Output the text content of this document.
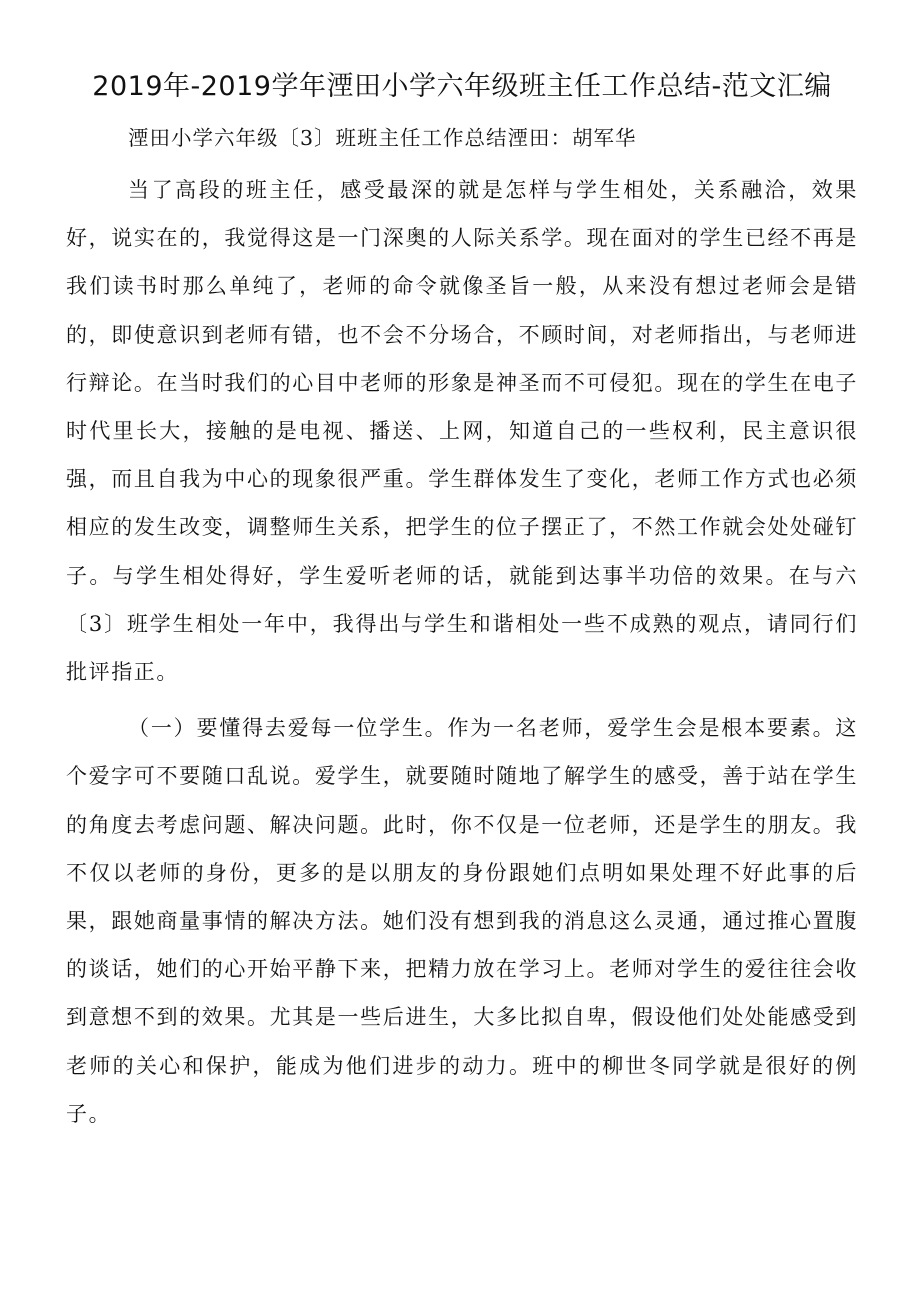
2019年-2019学年湮田小学六年级班主任工作总结-范文汇编

湮田小学六年级〔3〕班班主任工作总结湮田：胡军华

当了高段的班主任，感受最深的就是怎样与学生相处，关系融洽，效果好，说实在的，我觉得这是一门深奥的人际关系学。现在面对的学生已经不再是我们读书时那么单纯了，老师的命令就像圣旨一般，从来没有想过老师会是错的，即使意识到老师有错，也不会不分场合，不顾时间，对老师指出，与老师进行辩论。在当时我们的心目中老师的形象是神圣而不可侵犯。现在的学生在电子时代里长大，接触的是电视、播送、上网，知道自己的一些权利，民主意识很强，而且自我为中心的现象很严重。学生群体发生了变化，老师工作方式也必须相应的发生改变，调整师生关系，把学生的位子摆正了，不然工作就会处处碰钉子。与学生相处得好，学生爱听老师的话，就能到达事半功倍的效果。在与六〔3〕班学生相处一年中，我得出与学生和谐相处一些不成熟的观点，请同行们批评指正。

（一）要懂得去爱每一位学生。作为一名老师，爱学生会是根本要素。这个爱字可不要随口乱说。爱学生，就要随时随地了解学生的感受，善于站在学生的角度去考虑问题、解决问题。此时，你不仅是一位老师，还是学生的朋友。我不仅以老师的身份，更多的是以朋友的身份跟她们点明如果处理不好此事的后果，跟她商量事情的解决方法。她们没有想到我的消息这么灵通，通过推心置腹的谈话，她们的心开始平静下来，把精力放在学习上。老师对学生的爱往往会收到意想不到的效果。尤其是一些后进生，大多比拟自卑，假设他们处处能感受到老师的关心和保护，能成为他们进步的动力。班中的柳世冬同学就是很好的例子。
